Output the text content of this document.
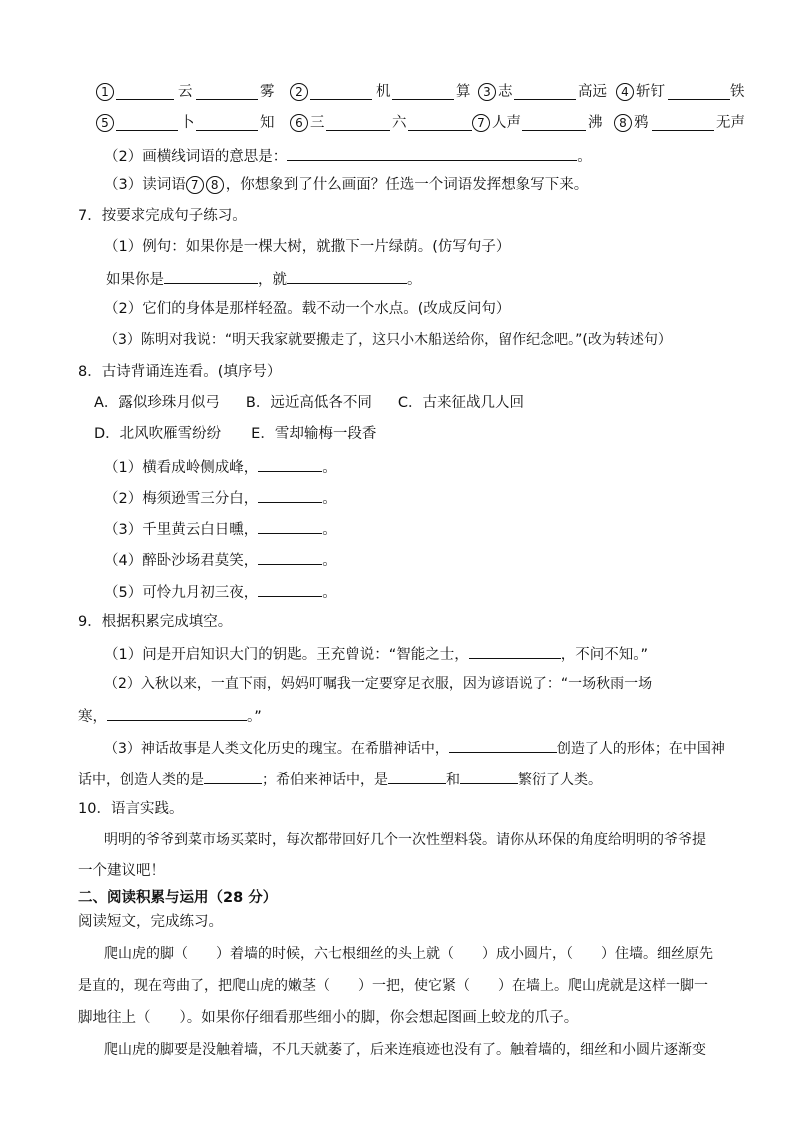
1	云	雾	2	机	算	3 志	高远	4 斩钉	铁
5	卜	知	6 三	六	7 人声	沸	8 鸦	无声
（2）画横线词语的意思是：	。
（3）读词语 7 8 ，你想象到了什么画面？任选一个词语发挥想象写下来。
7．按要求完成句子练习。
（1）例句：如果你是一棵大树，就撒下一片绿荫。(仿写句子）
如果你是	，就	。
（2）它们的身体是那样轻盈。载不动一个水点。(改成反问句）
（3）陈明对我说：“明天我家就要搬走了，这只小木船送给你，留作纪念吧。”(改为转述句）
8．古诗背诵连连看。(填序号）
A．露似珍珠月似弓 B．远近高低各不同 C．古来征战几人回
D．北风吹雁雪纷纷 E．雪却输梅一段香
（1）横看成岭侧成峰，	。
（2）梅须逊雪三分白，	。
（3）千里黄云白日曛，	。
（4）醉卧沙场君莫笑，	。
（5）可怜九月初三夜，	。
9．根据积累完成填空。
（1）问是开启知识大门的钥匙。王充曾说：“智能之士，	，不问不知。”
（2）入秋以来，一直下雨，妈妈叮嘱我一定要穿足衣服，因为谚语说了：“一场秋雨一场
寒，	。”
（3）神话故事是人类文化历史的瑰宝。在希腊神话中，	创造了人的形体；在中国神
话中，创造人类的是	；希伯来神话中，是	和	繁衍了人类。
10．语言实践。
明明的爷爷到菜市场买菜时，每次都带回好几个一次性塑料袋。请你从环保的角度给明明的爷爷提
一个建议吧！
二、阅读积累与运用（28 分）
阅读短文，完成练习。
爬山虎的脚（　　）着墙的时候，六七根细丝的头上就（　　）成小圆片，（　　）住墙。细丝原先
是直的，现在弯曲了，把爬山虎的嫩茎（　　）一把，使它紧（　　）在墙上。爬山虎就是这样一脚一
脚地往上（　　）。如果你仔细看那些细小的脚，你会想起图画上蛟龙的爪子。
爬山虎的脚要是没触着墙，不几天就萎了，后来连痕迹也没有了。触着墙的，细丝和小圆片逐渐变
